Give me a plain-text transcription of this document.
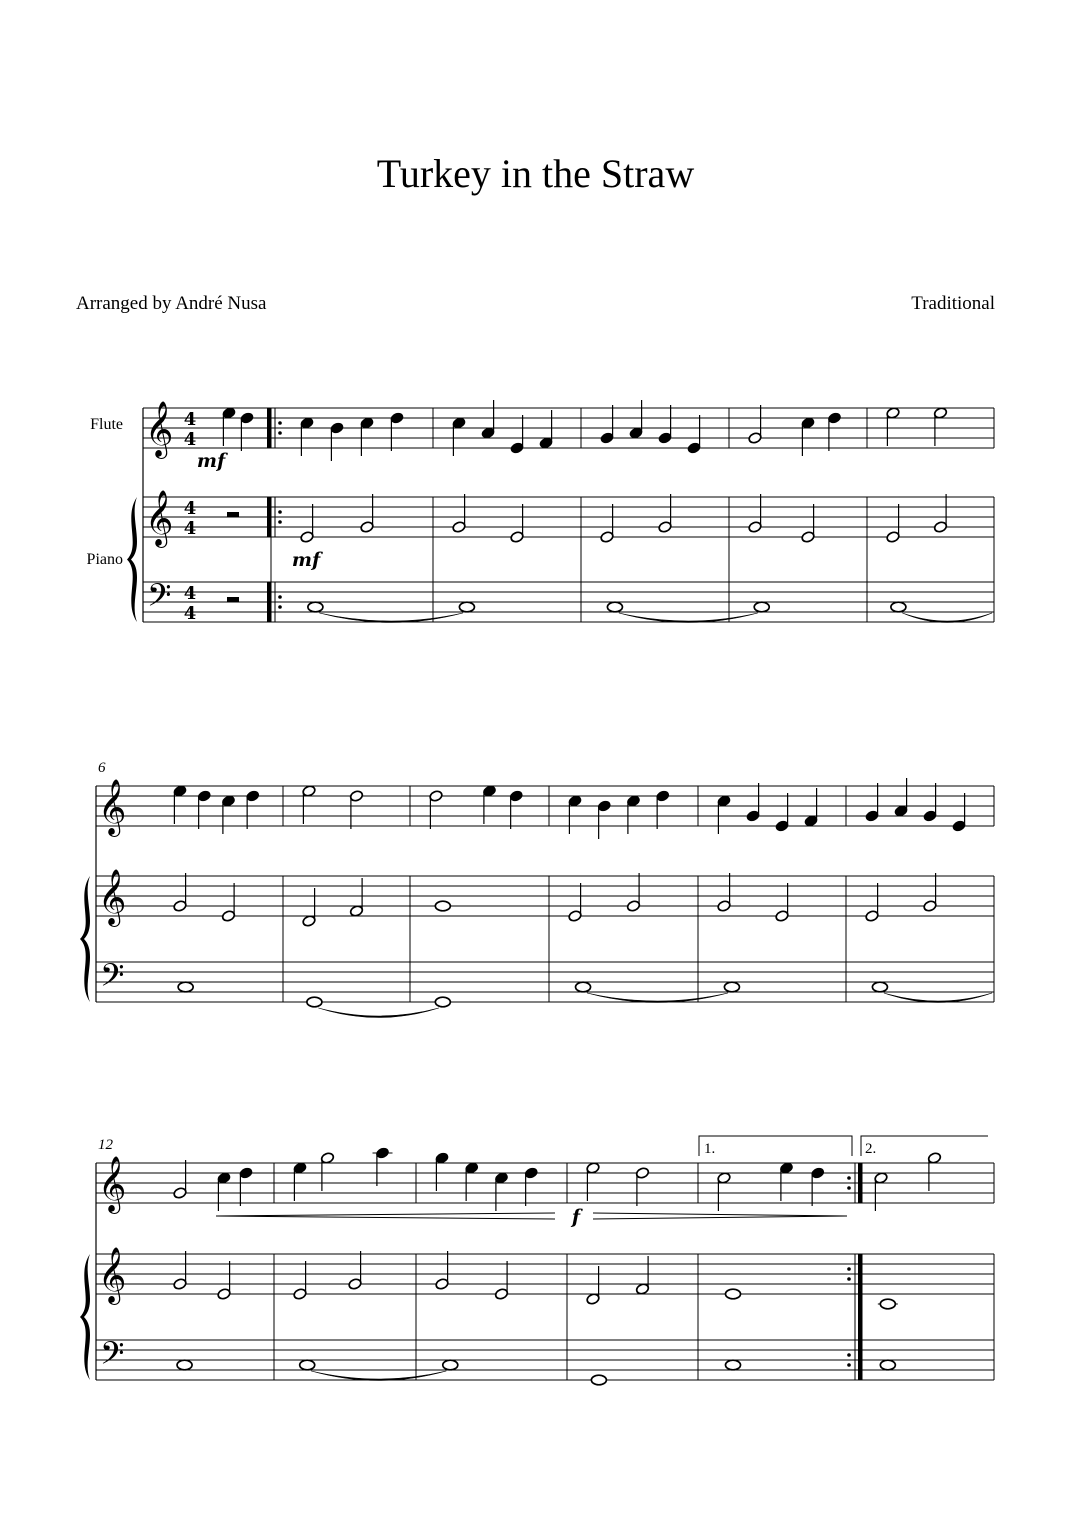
Turkey in the Straw
Arranged by André Nusa	Traditional
𝄞
𝄞
𝄢
4
4
4
4
4
4
Flute
Piano
mf
mf
𝄞
𝄞
𝄢
6
𝄞
𝄞
𝄢
12	1.	2.
f
